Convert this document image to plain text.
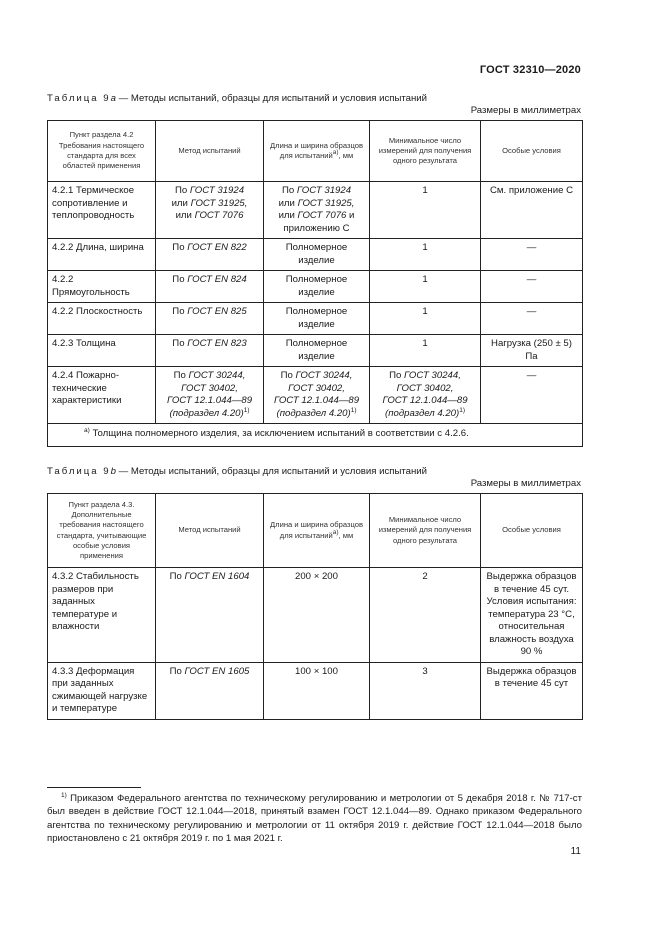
ГОСТ 32310—2020
Таблица 9a — Методы испытаний, образцы для испытаний и условия испытаний
Размеры в миллиметрах
Пункт раздела 4.2 Требования настоящего стандарта для всех областей применения	Метод испытаний	Длина и ширина образцов для испытаний$^{а)}$, мм	Минимальное число измерений для получения одного результата	Особые условия
4.2.1 Термическое сопротивление и теплопроводность	По ГОСТ 31924
или ГОСТ 31925,
или ГОСТ 7076	По ГОСТ 31924
или ГОСТ 31925,
или ГОСТ 7076 и
приложению С	1	См. приложение С
4.2.2 Длина, ширина	По ГОСТ EN 822	Полномерное изделие	1	—
4.2.2 Прямоугольность	По ГОСТ EN 824	Полномерное изделие	1	—
4.2.2 Плоскостность	По ГОСТ EN 825	Полномерное изделие	1	—
4.2.3 Толщина	По ГОСТ EN 823	Полномерное изделие	1	Нагрузка (250 ± 5) Па
4.2.4 Пожарно-технические характеристики	По ГОСТ 30244,
ГОСТ 30402,
ГОСТ 12.1.044—89
(подраздел 4.20)$^{1)}$	По ГОСТ 30244,
ГОСТ 30402,
ГОСТ 12.1.044—89
(подраздел 4.20)$^{1)}$	По ГОСТ 30244,
ГОСТ 30402,
ГОСТ 12.1.044—89
(подраздел 4.20)$^{1)}$	—
$^{а)}$ Толщина полномерного изделия, за исключением испытаний в соответствии с 4.2.6.				
Таблица 9b — Методы испытаний, образцы для испытаний и условия испытаний
Размеры в миллиметрах
Пункт раздела 4.3. Дополнительные требования настоящего стандарта, учитывающие особые условия применения	Метод испытаний	Длина и ширина образцов для испытаний$^{а)}$, мм	Минимальное число измерений для получения одного результата	Особые условия
4.3.2 Стабильность размеров при заданных температуре и влажности	По ГОСТ EN 1604	200 × 200	2	Выдержка образцов в течение 45 сут. Условия испытания: температура 23 °С, относительная влажность воздуха 90 %
4.3.3 Деформация при заданных сжимающей нагрузке и температуре	По ГОСТ EN 1605	100 × 100	3	Выдержка образцов в течение 45 сут
$^{1)}$ Приказом Федерального агентства по техническому регулированию и метрологии от 5 декабря 2018 г. № 717-ст был введен в действие ГОСТ 12.1.044—2018, принятый взамен ГОСТ 12.1.044—89. Однако приказом Федерального агентства по техническому регулированию и метрологии от 11 октября 2019 г. действие ГОСТ 12.1.044—2018 было приостановлено с 21 октября 2019 г. по 1 мая 2021 г.
11
